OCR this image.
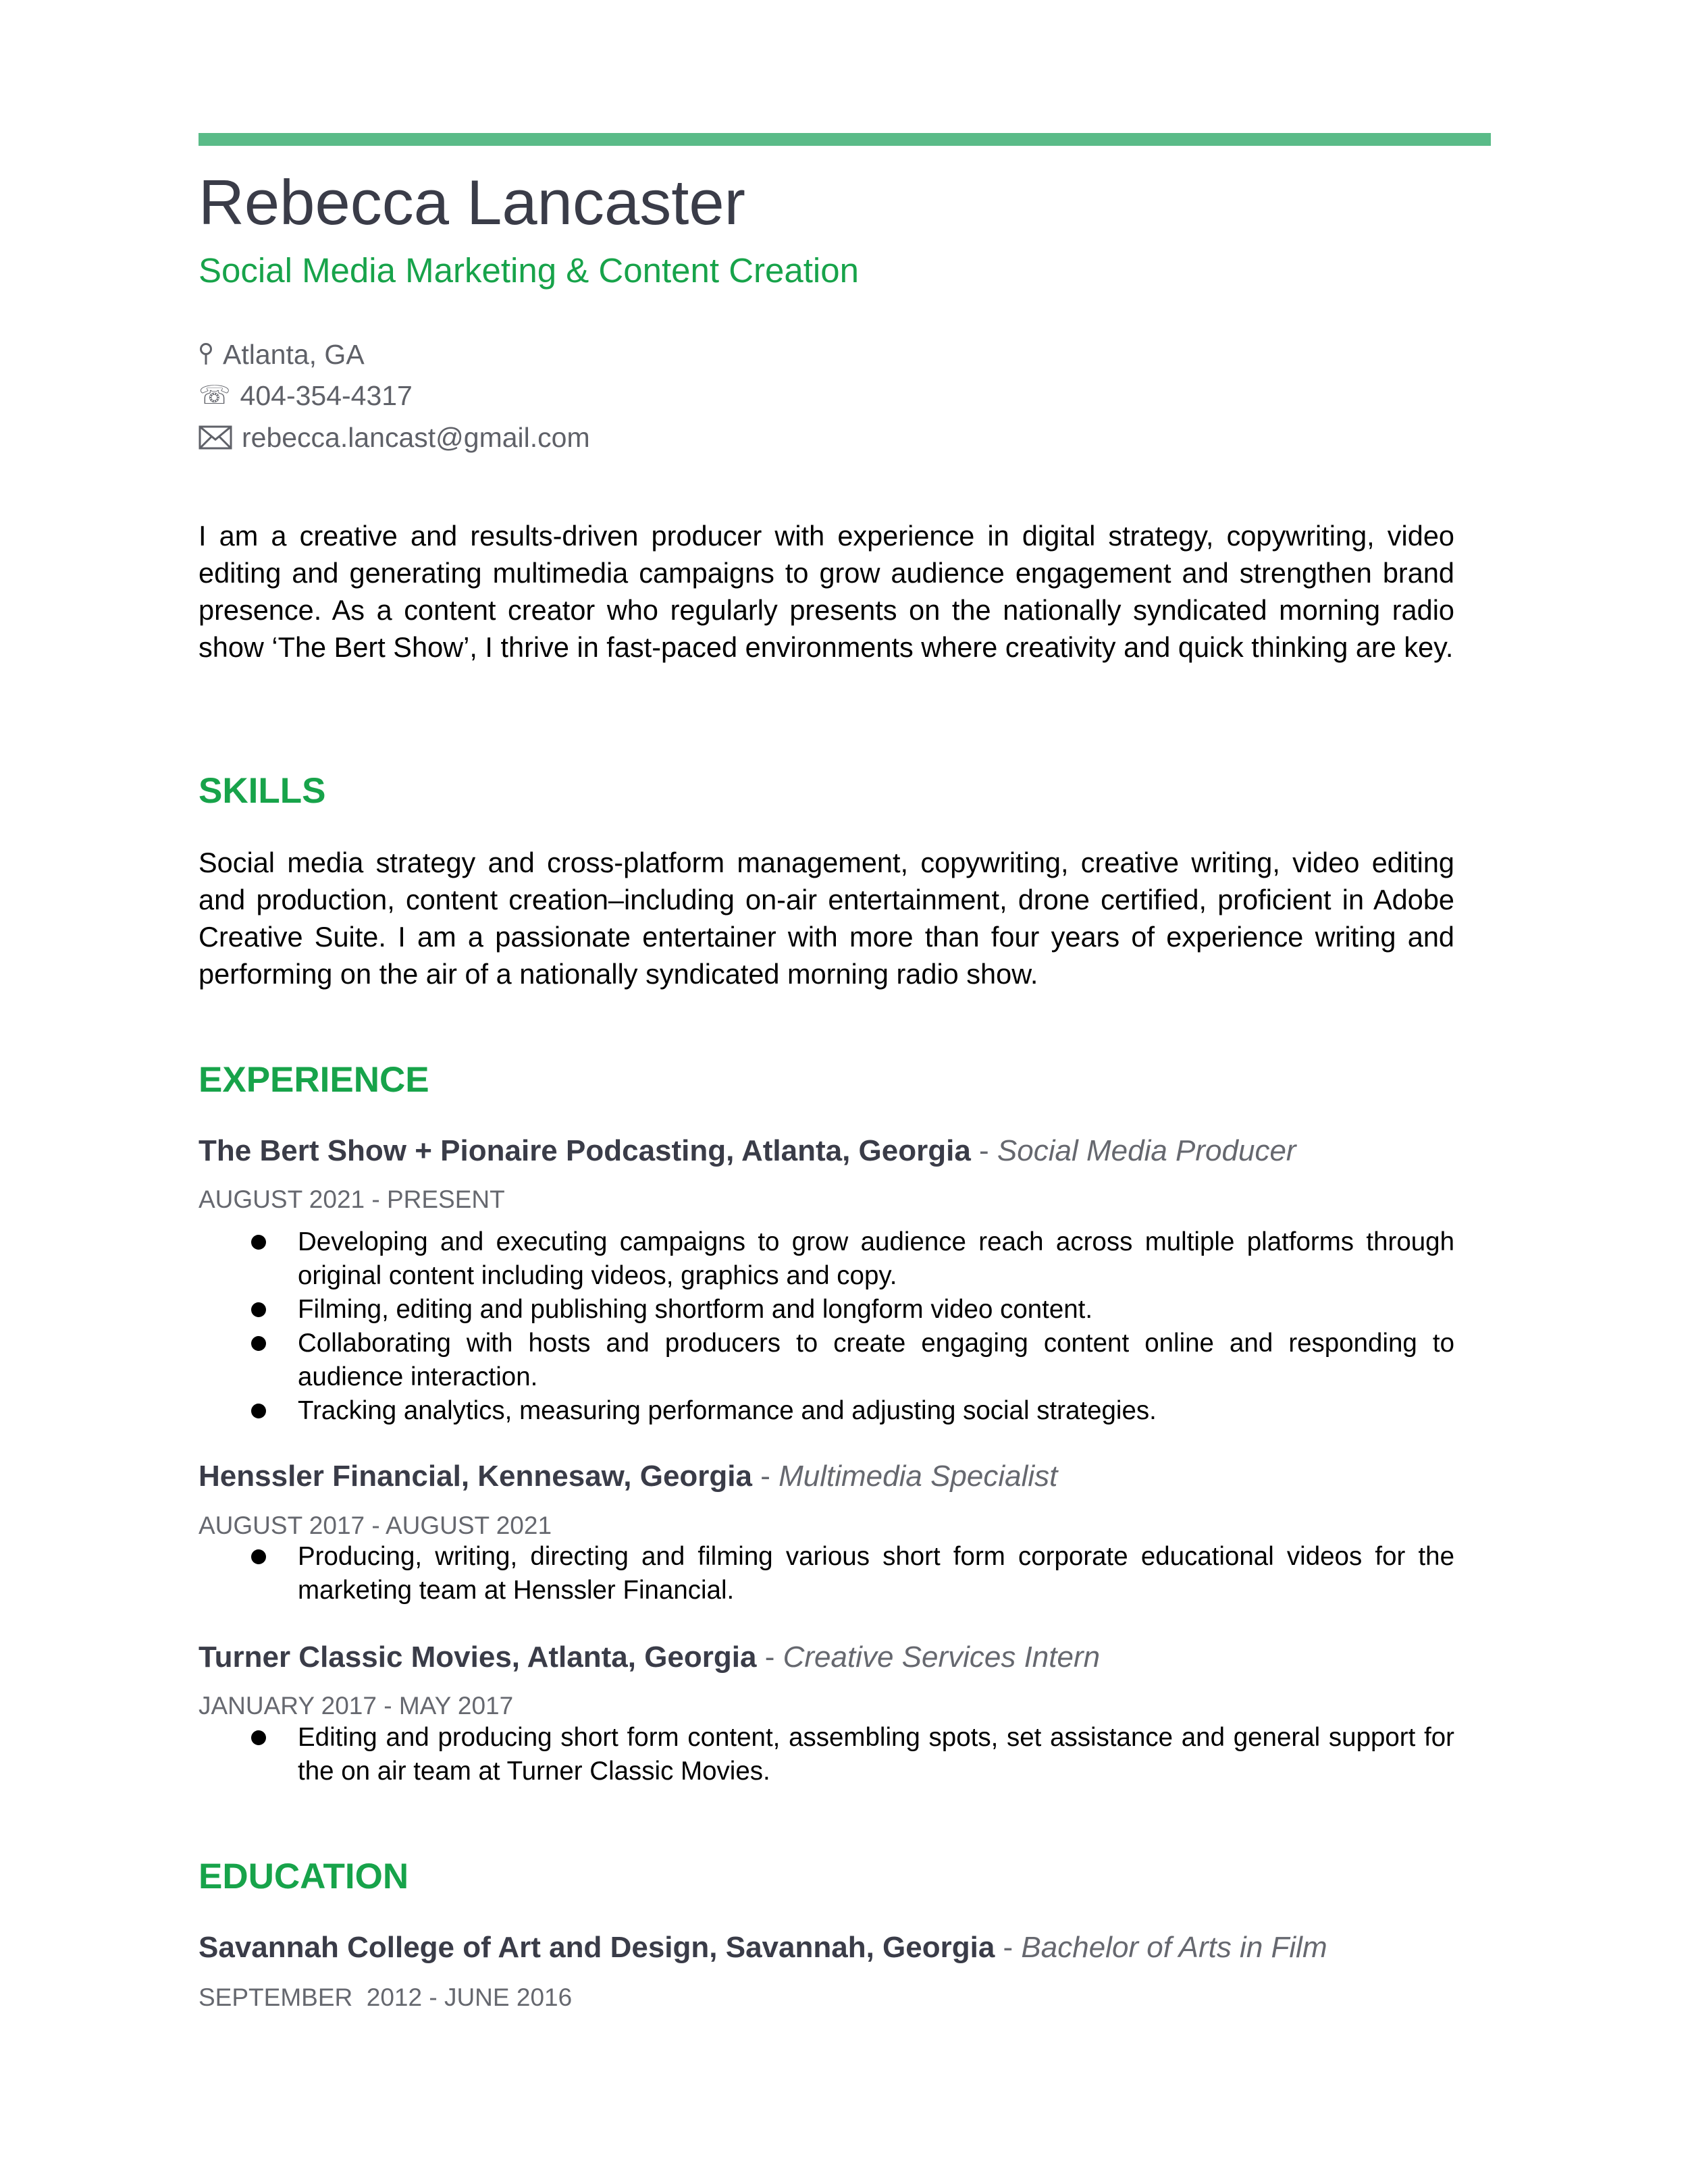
Rebecca Lancaster
Social Media Marketing & Content Creation
Atlanta, GA
☏ 404-354-4317
rebecca.lancast@gmail.com

I am a creative and results-driven producer with experience in digital strategy, copywriting, video editing and generating multimedia campaigns to grow audience engagement and strengthen brand presence. As a content creator who regularly presents on the nationally syndicated morning radio show ‘The Bert Show’, I thrive in fast-paced environments where creativity and quick thinking are key.

SKILLS

Social media strategy and cross-platform management, copywriting, creative writing, video editing and production, content creation–including on-air entertainment, drone certified, proficient in Adobe Creative Suite. I am a passionate entertainer with more than four years of experience writing and performing on the air of a nationally syndicated morning radio show.

EXPERIENCE
The Bert Show + Pionaire Podcasting, Atlanta, Georgia - Social Media Producer
AUGUST 2021 - PRESENT
Developing and executing campaigns to grow audience reach across multiple platforms through original content including videos, graphics and copy.
Filming, editing and publishing shortform and longform video content.
Collaborating with hosts and producers to create engaging content online and responding to audience interaction.
Tracking analytics, measuring performance and adjusting social strategies.
Henssler Financial, Kennesaw, Georgia - Multimedia Specialist
AUGUST 2017 - AUGUST 2021
Producing, writing, directing and filming various short form corporate educational videos for the marketing team at Henssler Financial.
Turner Classic Movies, Atlanta, Georgia - Creative Services Intern
JANUARY 2017 - MAY 2017
Editing and producing short form content, assembling spots, set assistance and general support for the on air team at Turner Classic Movies.
EDUCATION
Savannah College of Art and Design, Savannah, Georgia - Bachelor of Arts in Film
SEPTEMBER  2012 - JUNE 2016
